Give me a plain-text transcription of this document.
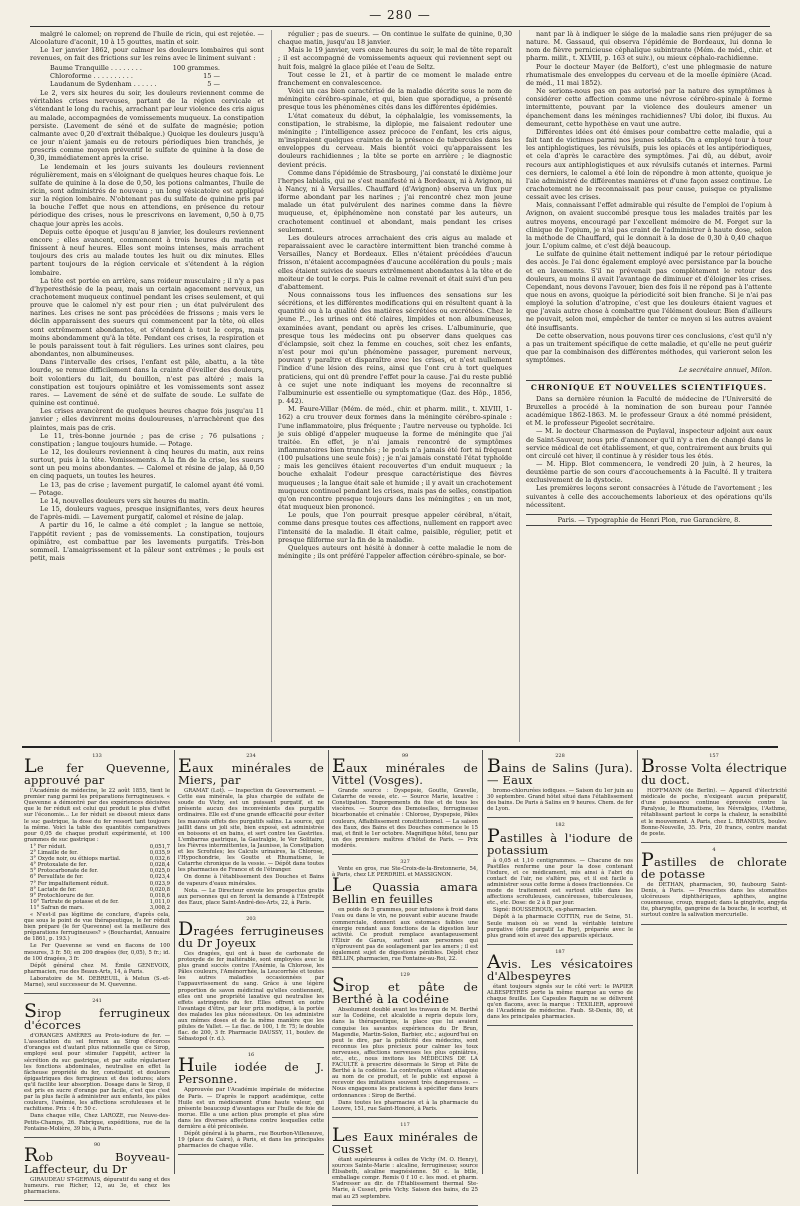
— 280 —

malgré le calomel; on reprend de l'huile de ricin, qui est rejetée. — Alcoolature d'aconit, 10 à 15 gouttes, matin et soir.

Le 1er janvier 1862, pour calmer les douleurs lombaires qui sont revenues, on fait des frictions sur les reins avec le liniment suivant :

Baume Tranquille . . . . . . . .	100 grammes.
Chloroforme . . . . . . . . . .	15 —
Laudanum de Sydenham . . . . . .	5 —

Le 2, vers six heures du soir, les douleurs reviennent comme de véritables crises nerveuses, partant de la région cervicale et s'étendant le long du rachis, arrachant par leur violence des cris aigus au malade, accompagnées de vomissements muqueux. La constipation persiste. (Lavement de séné et de sulfate de magnésie; potion calmante avec 0,20 d'extrait thébaïque.) Quoique les douleurs jusqu'à ce jour n'aient jamais eu de retours périodiques bien tranchés, je prescris comme moyen préventif le sulfate de quinine à la dose de 0,30, immédiatement après la crise.

Le lendemain et les jours suivants les douleurs reviennent régulièrement, mais en s'éloignant de quelques heures chaque fois. Le sulfate de quinine à la dose de 0,50, les potions calmantes, l'huile de ricin, sont administrés de nouveau ; un long vésicatoire est appliqué sur la région lombaire. N'obtenant pas du sulfate de quinine pris par la bouche l'effet que nous en attendions, en présence du retour périodique des crises, nous le prescrivons en lavement, 0,50 à 0,75 chaque jour après les accès.

Depuis cette époque et jusqu'au 8 janvier, les douleurs reviennent encore ; elles avancent, commencent à trois heures du matin et finissent à neuf heures. Elles sont moins intenses, mais arrachent toujours des cris au malade toutes les huit ou dix minutes. Elles partent toujours de la région cervicale et s'étendent à la région lombaire.

La tête est portée en arrière, sans roideur musculaire ; il n'y a pas d'hyperesthésie de la peau, mais un certain agacement nerveux, un crachotement muqueux continuel pendant les crises seulement, et qui prouve que le calomel n'y est pour rien ; un état pulvérulent des narines. Les crises ne sont pas précédées de frissons ; mais vers le déclin apparaissent des sueurs qui commencent par la tête, où elles sont extrêmement abondantes, et s'étendent à tout le corps, mais moins abondamment qu'à la tête. Pendant ces crises, la respiration et le pouls paraissent tout à fait réguliers. Les urines sont claires, peu abondantes, non albumineuses.

Dans l'intervalle des crises, l'enfant est pâle, abattu, a la tête lourde, se remue difficilement dans la crainte d'éveiller des douleurs, boit volontiers du lait, du bouillon, n'est pas altéré ; mais la constipation est toujours opiniâtre et les vomissements sont assez rares. — Lavement de séné et de sulfate de soude. Le sulfate de quinine est continué.

Les crises avancèrent de quelques heures chaque fois jusqu'au 11 janvier ; elles devinrent moins douloureuses, n'arrachèrent que des plaintes, mais pas de cris.

Le 11, très-bonne journée ; pas de crise ; 76 pulsations ; constipation ; langue toujours humide. — Potage.

Le 12, les douleurs reviennent à cinq heures du matin, aux reins surtout, puis à la tête. Vomissements. A la fin de la crise, les sueurs sont un peu moins abondantes. — Calomel et résine de jalap, ââ 0,50 en cinq paquets, un toutes les heures.

Le 13, pas de crise ; lavement purgatif, le calomel ayant été vomi. — Potage.

Le 14, nouvelles douleurs vers six heures du matin.

Le 15, douleurs vagues, presque insignifiantes, vers deux heures de l'après-midi. — Lavement purgatif, calomel et résine de jalap.

A partir du 16, le calme a été complet ; la langue se nettoie, l'appétit revient ; pas de vomissements. La constipation, toujours opiniâtre, est combattue par les lavements purgatifs. Très-bon sommeil. L'amaigrissement et la pâleur sont extrêmes ; le pouls est petit, mais

régulier ; pas de sueurs. — On continue le sulfate de quinine, 0,30 chaque matin, jusqu'au 18 janvier.

Mais le 19 janvier, vers onze heures du soir, le mal de tête reparaît ; il est accompagné de vomissements aqueux qui reviennent sept ou huit fois, malgré la glace pilée et l'eau de Seltz.

Tout cesse le 21, et à partir de ce moment le malade entre franchement en convalescence.

Voici un cas bien caractérisé de la maladie décrite sous le nom de méningite cérébro-spinale, et qui, bien que sporadique, a présenté presque tous les phénomènes cités dans les différentes épidémies.

L'état comateux du début, la céphalalgie, les vomissements, la constipation, le strabisme, la diplopie, me faisaient redouter une méningite ; l'intelligence assez précoce de l'enfant, les cris aigus, m'inspiraient quelques craintes de la présence de tubercules dans les enveloppes du cerveau. Mais bientôt voici qu'apparaissent les douleurs rachidiennes ; la tête se porte en arrière ; le diagnostic devient précis.

Comme dans l'épidémie de Strasbourg, j'ai constaté le dixième jour l'herpes labialis, qui ne s'est manifesté ni à Bordeaux, ni à Avignon, ni à Nancy, ni à Versailles. Chauffard (d'Avignon) observa un flux pur iforme abondant par les narines ; j'ai rencontré chez mon jeune malade un état pulvérulent des narines comme dans la fièvre muqueuse, et, épiphénomène non constaté par les auteurs, un crachotement continuel et abondant, mais pendant les crises seulement.

Les douleurs atroces arrachaient des cris aigus au malade et reparaissaient avec le caractère intermittent bien tranché comme à Versailles, Nancy et Bordeaux. Elles n'étaient précédées d'aucun frisson, n'étaient accompagnées d'aucune accélération du pouls ; mais elles étaient suivies de sueurs extrêmement abondantes à la tête et de moiteur de tout le corps. Puis le calme revenait et était suivi d'un peu d'abattement.

Nous connaissons tous les influences des sensations sur les sécrétions, et les différentes modifications qui en résultent quant à la quantité ou à la qualité des matières sécrétées ou excrétées. Chez le jeune P..., les urines ont été claires, limpides et non albumineuses, examinées avant, pendant ou après les crises. L'albuminurie, que presque tous les médecins ont pu observer dans quelques cas d'éclampsie, soit chez la femme en couches, soit chez les enfants, n'est pour moi qu'un phénomène passager, purement nerveux, pouvant y paraître et disparaître avec les crises, et n'est nullement l'indice d'une lésion des reins, ainsi que l'ont cru à tort quelques praticiens, qui ont dû prendre l'effet pour la cause. J'ai du reste publié à ce sujet une note indiquant les moyens de reconnaître si l'albuminurie est essentielle ou symptomatique (Gaz. des Hôp., 1856, p. 442).

M. Faure-Villar (Mém. de méd., chir. et pharm. milit., t. XLVIII, 1-162) a cru trouver deux formes dans la méningite cérébro-spinale : l'une inflammatoire, plus fréquente ; l'autre nerveuse ou typhoïde. Ici je suis obligé d'appeler muqueuse la forme de méningite que j'ai traitée. En effet, je n'ai jamais rencontré de symptômes inflammatoires bien tranchés ; le pouls n'a jamais été fort ni fréquent (100 pulsations une seule fois) ; je n'ai jamais constaté l'état typhoïde ; mais les genciives étaient recouvertes d'un enduit muqueux ; la bouche exhalait l'odeur presque caractéristique des fièvres muqueuses ; la langue était sale et humide ; il y avait un crachotement muqueux continuel pendant les crises, mais pas de selles, constipation qu'on rencontre presque toujours dans les méningites ; en un mot, état muqueux bien prononcé.

Le pouls, que l'on pourrait presque appeler cérébral, n'était, comme dans presque toutes ces affections, nullement en rapport avec l'intensité de la maladie. Il était calme, paisible, régulier, petit et presque filiforme sur la fin de la maladie.

Quelques auteurs ont hésité à donner à cette maladie le nom de méningite ; ils ont préféré l'appeler affection cérébro-spinale, se bor-

nant par là à indiquer le siége de la maladie sans rien préjuger de sa nature. M. Gassaud, qui observa l'épidémie de Bordeaux, lui donna le nom de fièvre pernicieuse céphalique subintrante (Mém. de méd., chir. et pharm. milit., t. XLVIII, p. 163 et suiv.), ou mieux céphalo-rachidienne.

Pour le docteur Mayer (de Belfort), c'est une phlegmasie de nature rhumatismale des enveloppes du cerveau et de la moelle épinière (Acad. de méd., 11 mai 1852).

Ne serions-nous pas en pas autorisé par la nature des symptômes à considérer cette affection comme une névrose cérébro-spinale à forme intermittente, pouvant par la violence des douleurs amener un épanchement dans les méninges rachidiennes? Ubi dolor, ibi fluxus. Au demeurant, cette hypothèse en vaut une autre.

Différentes idées ont été émises pour combattre cette maladie, qui a fait tant de victimes parmi nos jeunes soldats. On a employé tour à tour les antiphlogistiques, les révulsifs, puis les opiacés et les antipériodiques, et cela d'après le caractère des symptômes. J'ai dû, au début, avoir recours aux antiphlogistiques et aux révulsifs cutanés et internes. Parmi ces derniers, le calomel a été loin de répondre à mon attente, quoique je l'aie administré de différentes manières et d'une façon assez continue. Le crachotement ne le reconnaissait pas pour cause, puisque ce ptyalisme cessait avec les crises.

Mais, connaissant l'effet admirable qui résulte de l'emploi de l'opium à Avignon, on avaient succombé presque tous les malades traités par les autres moyens, encouragé par l'excellent mémoire de M. Forget sur la clinique de l'opium, je n'ai pas craint de l'administrer à haute dose, selon la méthode de Chauffard, qui le donnait à la dose de 0,30 à 0,40 chaque jour. L'opium calme, et c'est déjà beaucoup.

Le sulfate de quinine était nettement indiqué par le retour périodique des accès. Je l'ai donc également employé avec persistance par la bouche et en lavements. S'il ne prévenait pas complètement le retour des douleurs, au moins il avait l'avantage de diminuer et d'éloigner les crises. Cependant, nous devons l'avouer, bien des fois il ne répond pas à l'attente que nous en avons, quoique la périodicité soit bien franche. Si je n'ai pas employé la solution d'atropine, c'est que les douleurs étaient vagues et que j'avais autre chose à combattre que l'élément douleur. Bien d'ailleurs ne pouvait, selon moi, empêcher de tenter ce moyen si les autres avaient été insuffisants.

De cette observation, nous pouvons tirer ces conclusions, c'est qu'il n'y a pas un traitement spécifique de cette maladie, et qu'elle ne peut guérir que par la combinaison des différentes méthodes, qui varieront selon les symptômes.

Le secrétaire annuel, Milon.
CHRONIQUE ET NOUVELLES SCIENTIFIQUES.

Dans sa dernière réunion la Faculté de médecine de l'Université de Bruxelles a procédé à la nomination de son bureau pour l'année académique 1862-1863. M. le professeur Graux a été nommé président, et M. le professeur Pigeolet secrétaire.

— M. le docteur Charmasson de Puylaval, inspecteur adjoint aux eaux de Saint-Sauveur, nous prie d'annoncer qu'il n'y a rien de changé dans le service médical de cet établissement, et que, contrairement aux bruits qui ont circulé cet hiver, il continue à y résider tous les étés.

— M. Hipp. Blot commencera, le vendredi 20 juin, à 2 heures, la deuxième partie de son cours d'accouchements à la Faculté. Il y traitera exclusivement de la dystocie.

Les premières leçons seront consacrées à l'étude de l'avortement ; les suivantes à celle des accouchements laborieux et des opérations qu'ils nécessitent.

Paris. — Typographie de Henri Plon, rue Garancière, 8.
133
Le fer Quevenne, approuvé par

l'Académie de médecine, le 22 août 1855, tient le premier rang parmi les préparations ferrugineuses. « Quevenne a démontré par des expériences décisives que le fer réduit est celui qui produit le plus d'effet sur l'économie... Le fer réduit se dissout mieux dans le suc gastrique, la dose du fer ressort tant toujours la même. Voici la table des quantités comparatives pour 0,05 de chaque produit expérimenté, et 100 grammes de suc gastrique :

1° Fer réduit.	0,051,7
2° Limaille de fer.	0,035,9
3° Oxyde noir, ou éthiops martial.	0,032,6
4° Protoxalate de fer.	0,028,4
5° Protocarbonate de fer.	0,025,0
6° Persulfate de fer.	0,023,4
7° Fer impalfaitement réduit.	0,023,9
8° Lactate de fer.	0,020,8
9° Protochlorure de fer.	0,018,6
10° Tartrate de potasse et de fer.	1,011,0
11° Safran de mars.	3,008,2

« N'est-il pas légitime de conclure, d'après cela, que sous le point de vue thérapeutique, le fer réduit bien préparé (le fer Quevenne) est la meilleure des préparations ferrugineuses? » (Bouchardat, Annuaire de 1861, p. 193.)

Le Fer Quevenne se vend en flacons de 100 mesures, 3 fr. 50; en 200 dragées (fer, 0,05), 5 fr.; id. de 100 dragées, 3 fr.

Dépôt général chez M. Émile GENEVOIX, pharmacien, rue des Beaux-Arts, 14, à Paris.

Laboratoire de M. DEBREUIL, à Melun (S.-et-Marne), seul successeur de M. Quevenne.

241
Sirop ferrugineux d'écorces

d'ORANGES AMÈRES au Proto-iodure de fer. — L'association du sel ferreux au Sirop d'écorces d'oranges est d'autant plus rationnelle que ce Sirop, employé seul pour stimuler l'appétit, activer la sécrétion du suc gastrique, et par suite régulariser les fonctions abdominales, neutralise en effet la fâcheuse propriété du fer, constipatif, et douleurs épigastriques des ferrugineux et des iodures; alors qu'il facilite leur absorption. Dosage dans le Sirop, il est pris en sucre d'orange par facile, c'est que c'est par la plus facile à administrer aux enfants, les pâles couleurs, l'anémie, les affections scrofuleuses et le rachitisme. Prix : 4 fr. 50 c.

Dans chaque ville, Chez LAROZE, rue Neuve-des-Petits-Champs, 26. Fabrique, expéditions, rue de la Fontaine-Molière, 39 bis, à Paris.

90
Rob Boyveau-Laffecteur, du Dr

GIRAUDEAU ST-GERVAIS, dépuratif du sang et des humeurs. rue Richer, 12, au 3e, et chez les pharmaciens.

234
Eaux minérales de Miers, par

GRAMAT (Lot). — Inspection du Gouvernement. — Cette eau minérale, la plus chargée de sulfate de soude du Vichy, est un puissant purgatif, et ne présente aucun des inconvénients des purgatifs ordinaires. Elle est d'une grande efficacité pour éviter les mauvais effets des purgatifs salins. La source, qui jaillit dans un joli site, bien exposé, est administrée en boissons et en bains, et sert contre les Gastrites. L'embarras gastrique, la Gastralgie, le Ver Solitaire, les Fièvres intermittentes, la Jaunisse, la Constipation et les Scrofules; les Calculs urinaires, la Chlorose, l'Hypochondrie, les Goutte et Rhumatisme, le Catarrhe chronique de la vessie. — Dépôt dans toutes les pharmacies de France et de l'étranger.

On donne à l'établissement des Douches et Bains de vapeurs d'eaux minérales.

Nota. — Le Directeur envoie les prospectus gratis aux personnes qui en feront la demande à l'Entrepôt des Eaux, place Saint-André-des-Arts, 22, à Paris.

203
Dragées ferrugineuses du Dr Joyeux

Ces dragées, qui ont à base de carbonate de protoxyde de fer inaltérable, sont employées avec le plus grand succès contre l'Anémie, la Chlorose, les Pâles couleurs, l'Aménorrhée, la Leucorrhée et toutes les autres maladies occasionnées par l'appauvrissement du sang. Grâce à une légère proportion de savon médicinal qu'elles contiennent, elles ont une propriété laxative qui neutralise les effets astringents du fer. Elles offrent en outre l'avantage d'être, par leur prix modique, à la portée des malades les plus nécessiteux. On les administre aux mêmes doses et de la même manière que les pilules de Vallet. — Le flac. de 100, 1 fr. 75; le double flac. de 200, 3 fr. Pharmacie DAUSSY, 11, boulev. de Sébastopol (r. d.).

16
Huile iodée de J. Personne.

Approuvée par l'Académie impériale de médecine de Paris. — D'après le rapport académique, cette Huile est un médicament d'une haute valeur, qui présente beaucoup d'avantages sur l'huile de foie de morue. Elle a une action plus prompte et plus sûre dans les diverses affections contre lesquelles cette dernière a été préconisée.

Dépôt général à la pharm., rue Bourbon-Villeneuve, 19 (place du Caire), à Paris, et dans les principales pharmacies de chaque ville.

99
Eaux minérales de Vittel (Vosges).

Grande source : Dyspepsie, Goutte, Gravelle, Catarrhe de vessie, etc. — Source Marie, laxative : Constipation. Engorgements du foie et de tous les viscères. — Source des Demoiselles, ferrugineuse bicarbonatée et crénatée : Chlorose, Dyspepsie, Pâles couleurs, Affaiblissement constitutionnel. — La saison des Eaux, des Bains et des Douches commence le 15 mai, et finit le 1er octobre. Magnifique hôtel, tenu par un des premiers maîtres d'hôtel de Paris. — Prix modérés.

327

Vente en gros, rue Ste-Croix-de-la-Bretonnerie, 54, à Paris, chez LE PERDRIEL et MASSIGNON.

Le Quassia amara Bellin en feuilles

en poids de 5 grammes, pour infusions à froid dans l'eau ou dans le vin, ne pouvant subir aucune fraude commerciale, donnent aux estomacs faibles une énergie rendant aux fonctions de la digestion leur activité. Ce produit remplace avantageusement l'Élixir de Garus, surtout aux personnes qui n'éprouvent pas de soulagement par les amers ; il est également sujet de digestions pénibles. Dépôt chez BELLIN, pharmacien, rue Fontaine-au-Roi, 22.

129
Sirop et pâte de Berthé à la codéine

Absolument doublé avant les travaux de M. Berthé sur la Codéine, cet alcaloïde a repris depuis lors, dans la thérapeutique, la place que lui avaient conquise les savantes expériences du Dr Brun, Magendie, Martin-Solon, Barbier, etc.; aujourd'hui on peut le dire, par la publicité des médecins, sont reconnus les plus précieux pour calmer les toux nerveuses, affections nerveuses les plus opiniâtres, etc., etc., nous invitons les MÉDECINS DE LA FACULTÉ à prescrire désormais le Sirop et Pâte de Berthé à la codéine. La contrefaçon s'étant attaquée au nom de ce produit, et le public est exposé à recevoir des imitations souvent très dangereuses. — Nous engageons les praticiens à spécifier dans leurs ordonnances : Sirop de Berthé.

Dans toutes les pharmacies et à la pharmacie du Louvre, 151, rue Saint-Honoré, à Paris.

117
Les Eaux minérales de Cusset

étant supérieures à celles de Vichy (M. O. Henry), sources Sainte-Marie : alcaline, ferrugineuse; source Élisabeth, alcaline magnésienne. 50 c. la btlle, emballage compr. Remis 0 f 10 c. les mod. et pharm. S'adresser au dir. de l'Établissement thermal Ste-Marie, à Cusset, près Vichy. Saison des bains, du 25 mai au 25 septembre.

228
Bains de Salins (Jura). — Eaux

bromo-chlorurées iodiques. — Saison du 1er juin au 30 septembre. Grand hôtel situé dans l'établissement des bains. De Paris à Salins en 9 heures. Chem. de fer de Lyon.

182
Pastilles à l'iodure de potassium

à 0,05 et 1,10 centigrammes. — Chacune de nos Pastilles renferme une pour la dose contenant l'iodure, et ce médicament, mis ainsi à l'abri du contact de l'air, ne s'altère pas, et il est facile à administrer sous cette forme à doses fractionnées. Ce mode de traitement est surtout utile dans les affections scrofuleuses, cancéreuses, tuberculeuses, etc., etc. Dose: de 2 à 8 par jour.

Signé: BOUSSEROUX, ex-pharmacien.

Dépôt à la pharmacie COTTIN, rue de Seine, 51. Seule maison où se vend la véritable teinture purgative (dite purgatif Le Roy), préparée avec le plus grand soin et avec des appareils spéciaux.

187
Avis. Les vésicatoires d'Albespeyres

étant toujours signés sur le côté vert: le PAPIER ALBESPEYRES porte la même marque au verso de chaque feuille. Les Capsules Raquin ne se délivrent qu'en flacons, avec la marque : TEXILIER, approuvé de l'Académie de médecine. Faub. St-Denis, 80, et dans les principales pharmacies.

157
Brosse Volta électrique du doct.

HOFFMANN (de Berlin). — Appareil d'électricité médicale de poche, n'exigeant aucun préparatif, d'une puissance continue éprouvée contre la Paralysie, le Rhumatisme, les Névralgies, l'Asthme, rétablissant partout le corps la chaleur, la sensibilité et le mouvement. A Paris, chez L. BRANDUS, boulev. Bonne-Nouvelle, 35. Prix, 20 francs, contre mandat de poste.

4
Pastilles de chlorate de potasse

de DETHAN, pharmacien, 90, faubourg Saint-Denis, à Paris. — Prescrites dans les stomatites ulcéreuses diphthériques, aphthes, angine couenneuse, croup, muguet; dans la gingivite, angyda ite, pharyngite, gangrène de la bouche, le scorbut, et surtout contre la salivation mercurielle.
